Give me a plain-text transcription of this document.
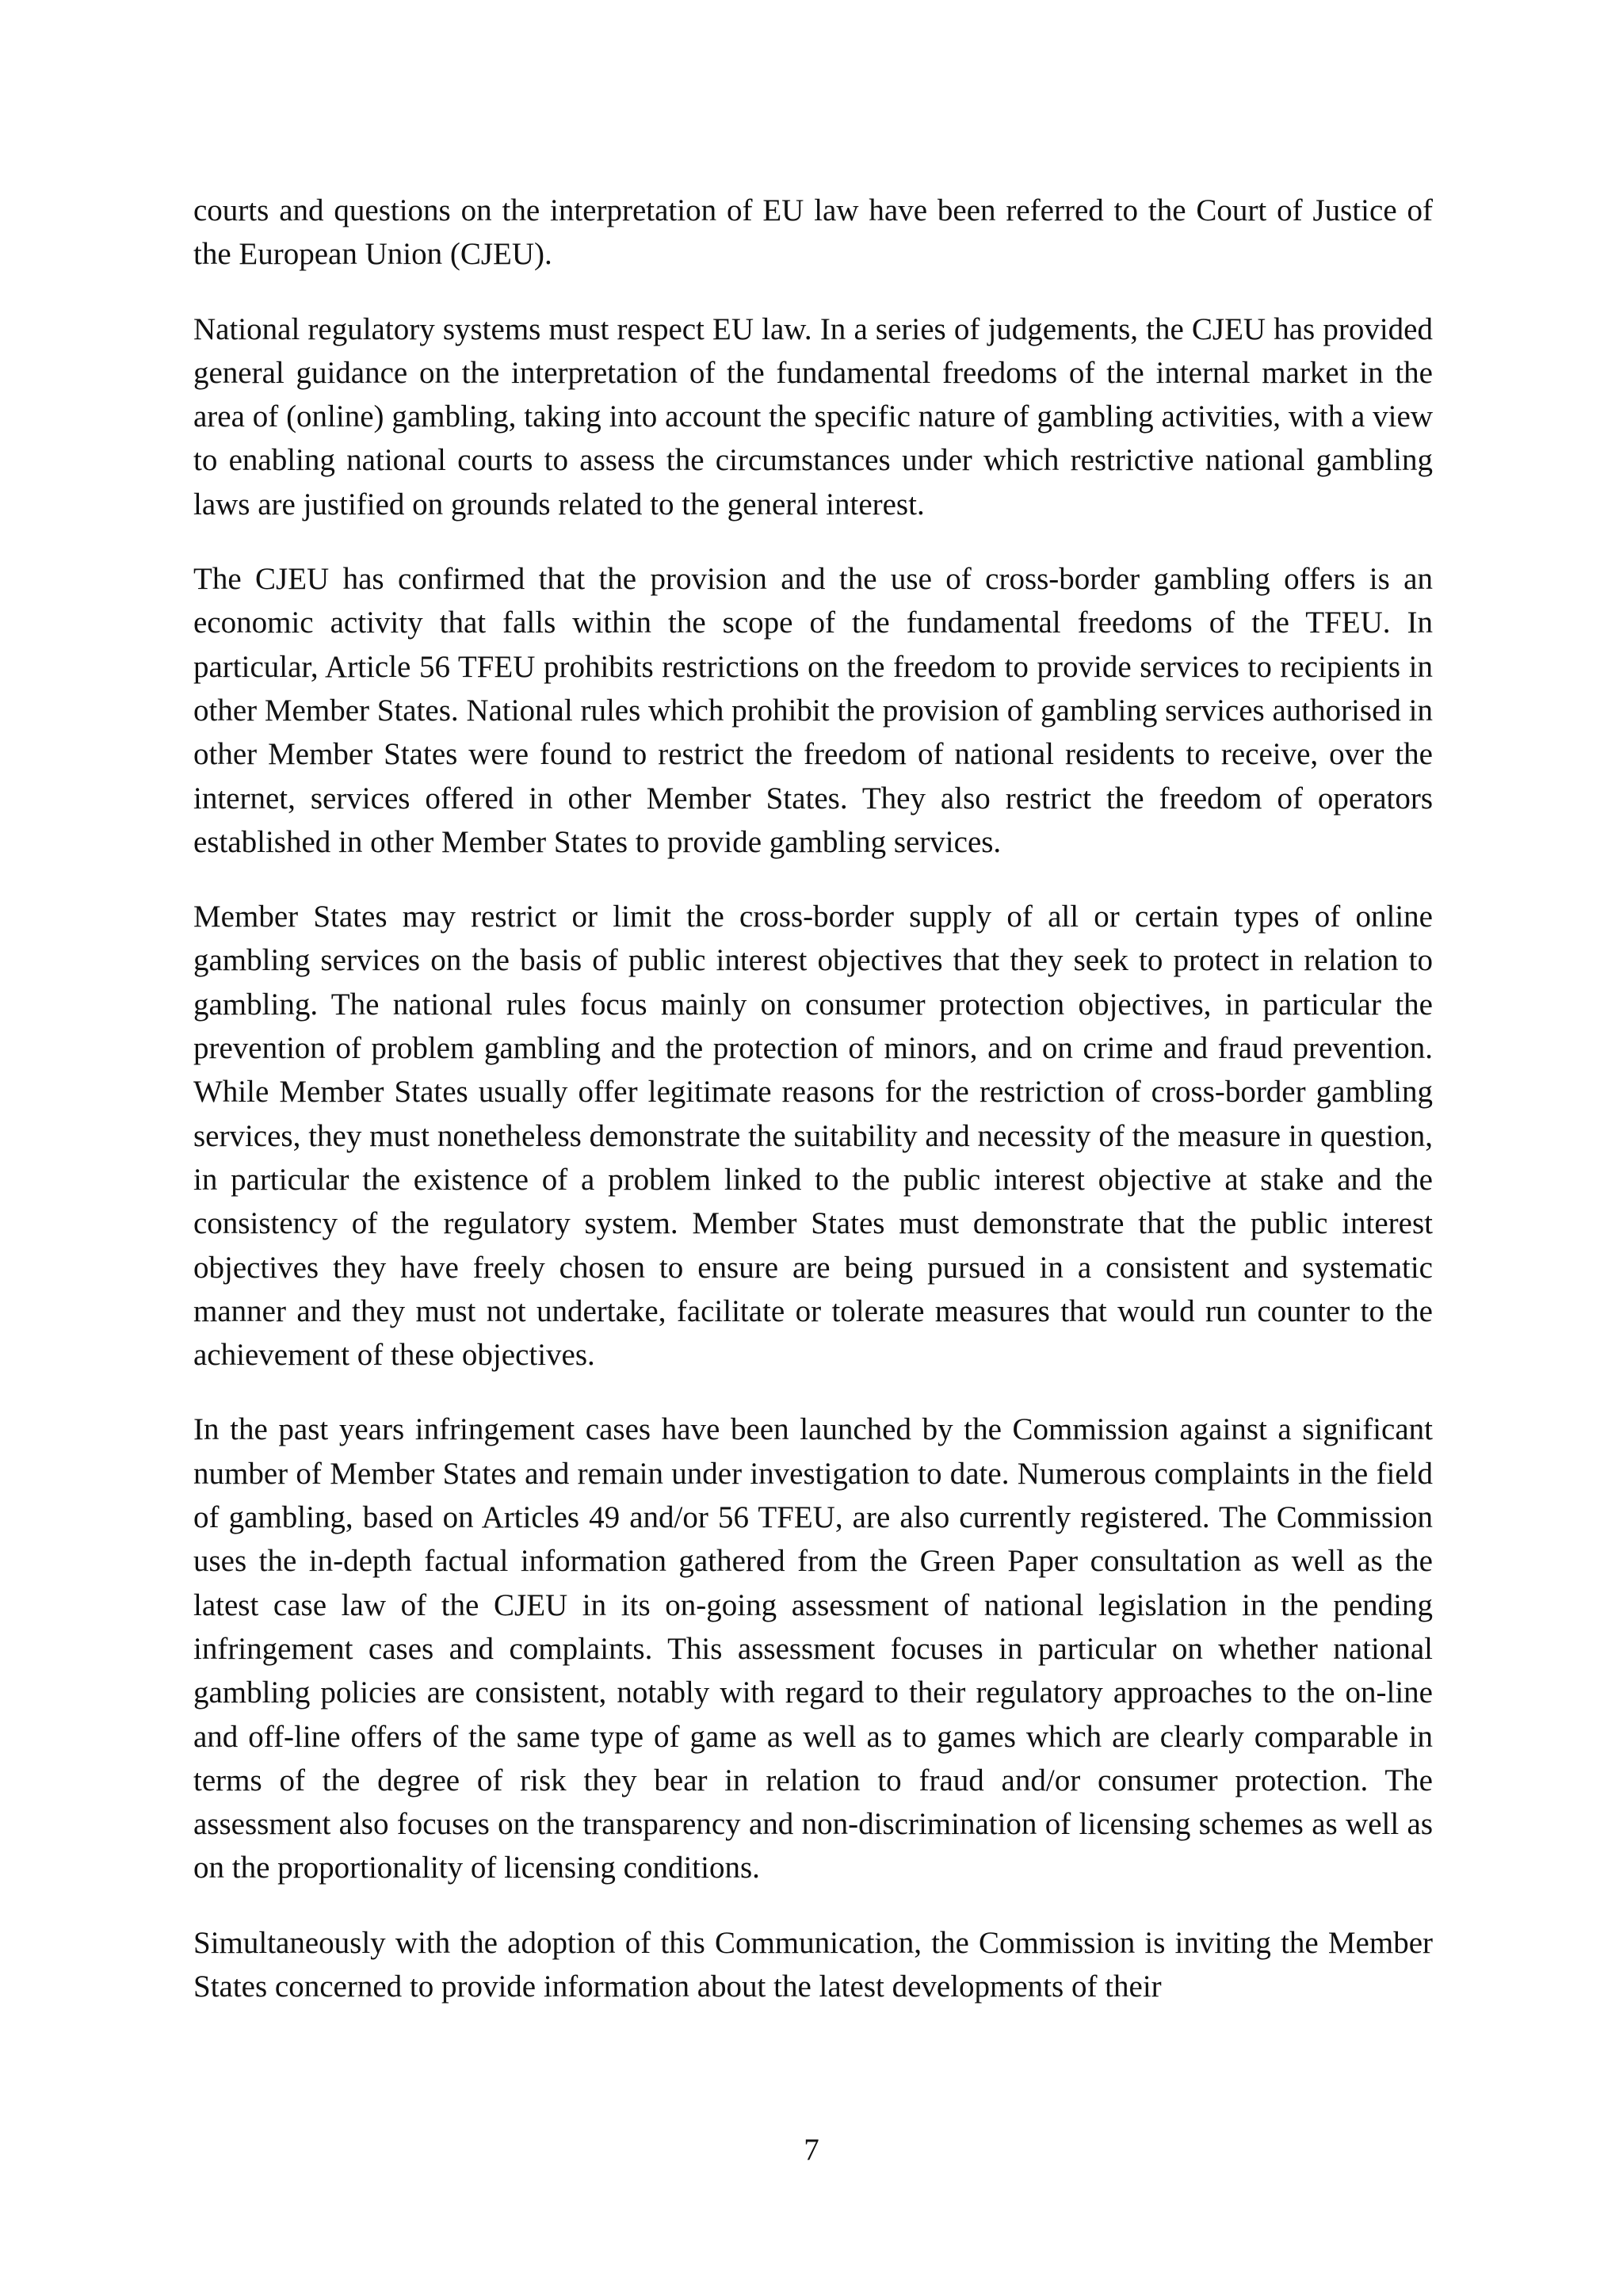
courts and questions on the interpretation of EU law have been referred to the Court of Justice of the European Union (CJEU).

National regulatory systems must respect EU law. In a series of judgements, the CJEU has provided general guidance on the interpretation of the fundamental freedoms of the internal market in the area of (online) gambling, taking into account the specific nature of gambling activities, with a view to enabling national courts to assess the circumstances under which restrictive national gambling laws are justified on grounds related to the general interest.

The CJEU has confirmed that the provision and the use of cross-border gambling offers is an economic activity that falls within the scope of the fundamental freedoms of the TFEU. In particular, Article 56 TFEU prohibits restrictions on the freedom to provide services to recipients in other Member States. National rules which prohibit the provision of gambling services authorised in other Member States were found to restrict the freedom of national residents to receive, over the internet, services offered in other Member States. They also restrict the freedom of operators established in other Member States to provide gambling services.

Member States may restrict or limit the cross-border supply of all or certain types of online gambling services on the basis of public interest objectives that they seek to protect in relation to gambling. The national rules focus mainly on consumer protection objectives, in particular the prevention of problem gambling and the protection of minors, and on crime and fraud prevention. While Member States usually offer legitimate reasons for the restriction of cross-border gambling services, they must nonetheless demonstrate the suitability and necessity of the measure in question, in particular the existence of a problem linked to the public interest objective at stake and the consistency of the regulatory system. Member States must demonstrate that the public interest objectives they have freely chosen to ensure are being pursued in a consistent and systematic manner and they must not undertake, facilitate or tolerate measures that would run counter to the achievement of these objectives.

In the past years infringement cases have been launched by the Commission against a significant number of Member States and remain under investigation to date. Numerous complaints in the field of gambling, based on Articles 49 and/or 56 TFEU, are also currently registered. The Commission uses the in-depth factual information gathered from the Green Paper consultation as well as the latest case law of the CJEU in its on-going assessment of national legislation in the pending infringement cases and complaints. This assessment focuses in particular on whether national gambling policies are consistent, notably with regard to their regulatory approaches to the on-line and off-line offers of the same type of game as well as to games which are clearly comparable in terms of the degree of risk they bear in relation to fraud and/or consumer protection. The assessment also focuses on the transparency and non-discrimination of licensing schemes as well as on the proportionality of licensing conditions.

Simultaneously with the adoption of this Communication, the Commission is inviting the Member States concerned to provide information about the latest developments of their

7
